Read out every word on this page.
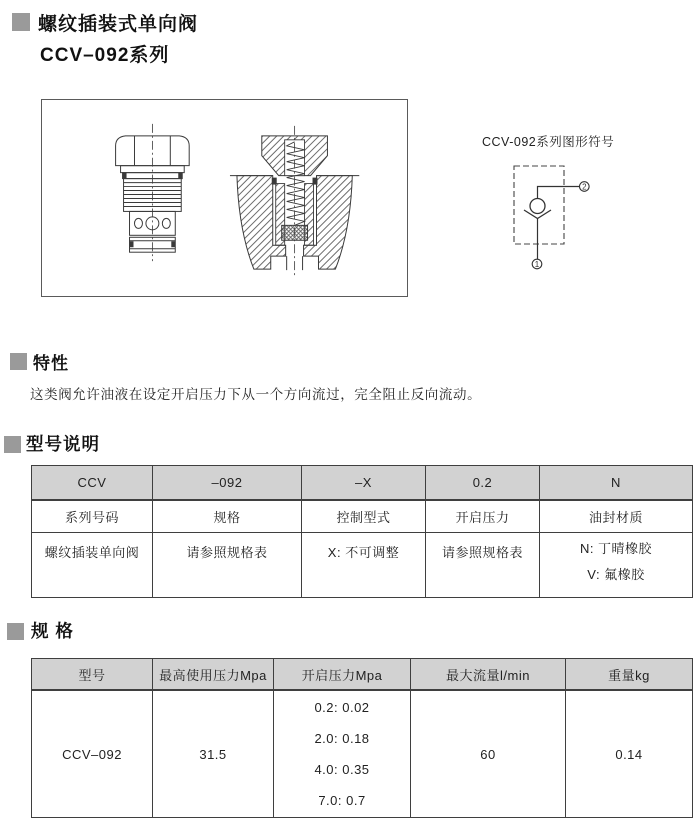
螺纹插装式单向阀
CCV–092系列
CCV-092系列图形符号
2
1
特性
这类阀允许油液在设定开启压力下从一个方向流过，完全阻止反向流动。
型号说明
CCV	–092	–X	0.2	N
系列号码	规格	控制型式	开启压力	油封材质
螺纹插装单向阀	请参照规格表	X: 不可调整	请参照规格表	N: 丁晴橡胶
V: 氟橡胶
规 格
型号	最高使用压力Mpa	开启压力Mpa	最大流量l/min	重量kg
CCV–092	31.5	0.2: 0.02
2.0: 0.18
4.0: 0.35
7.0: 0.7	60	0.14
